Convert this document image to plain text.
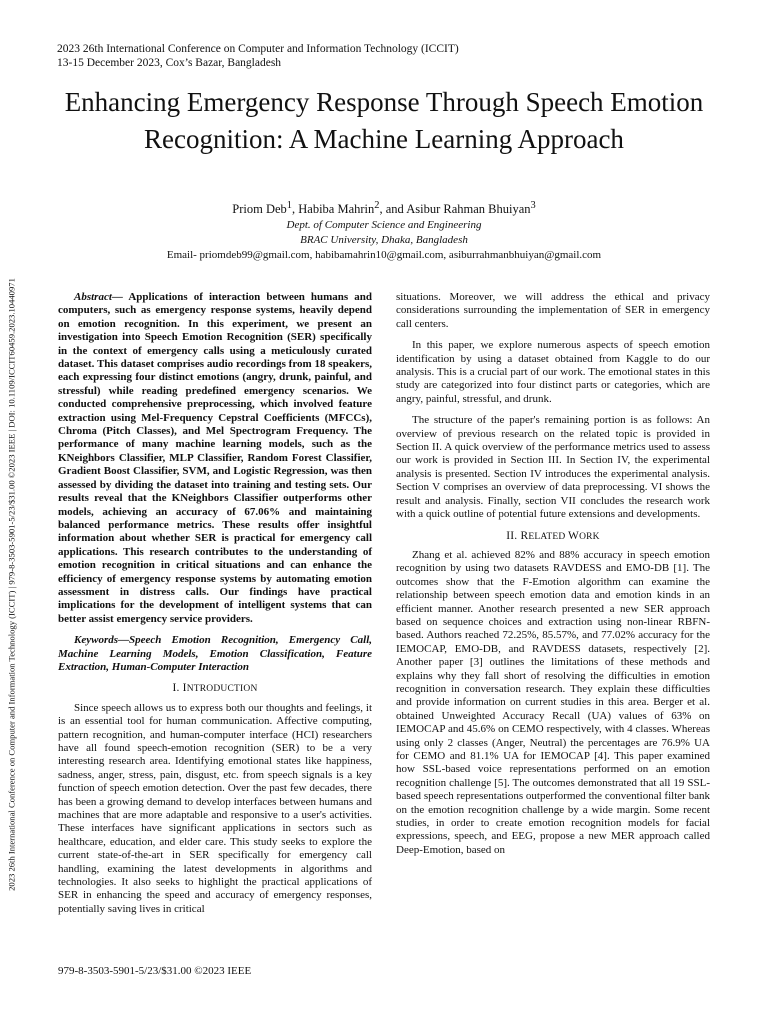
2023 26th International Conference on Computer and Information Technology (ICCIT)
13-15 December 2023, Cox’s Bazar, Bangladesh
Enhancing Emergency Response Through Speech Emotion Recognition: A Machine Learning Approach
Priom Deb$^1$, Habiba Mahrin$^2$, and Asibur Rahman Bhuiyan$^3$
Dept. of Computer Science and Engineering
BRAC University, Dhaka, Bangladesh
Email- priomdeb99@gmail.com, habibamahrin10@gmail.com, asiburrahmanbhuiyan@gmail.com
2023 26th International Conference on Computer and Information Technology (ICCIT) | 979-8-3503-5901-5/23/$31.00 ©2023 IEEE | DOI: 10.1109/ICCIT60459.2023.10440971	Abstract— Applications of interaction between humans and computers, such as emergency response systems, heavily depend on emotion recognition. In this experiment, we present an investigation into Speech Emotion Recognition (SER) specifically in the context of emergency calls using a meticulously curated dataset. This dataset comprises audio recordings from 18 speakers, each expressing four distinct emotions (angry, drunk, painful, and stressful) while reading predefined emergency scenarios. We conducted comprehensive preprocessing, which involved feature extraction using Mel-Frequency Cepstral Coefficients (MFCCs), Chroma (Pitch Classes), and Mel Spectrogram Frequency. The performance of many machine learning models, such as the KNeighbors Classifier, MLP Classifier, Random Forest Classifier, Gradient Boost Classifier, SVM, and Logistic Regression, was then assessed by dividing the dataset into training and testing sets. Our results reveal that the KNeighbors Classifier outperforms other models, achieving an accuracy of 67.06% and maintaining balanced performance metrics. These results offer insightful information about whether SER is practical for emergency call applications. This research contributes to the understanding of emotion recognition in critical situations and can enhance the efficiency of emergency response systems by automating emotion assessment in distress calls. Our findings have practical implications for the development of intelligent systems that can better assist emergency service providers.

Keywords—Speech Emotion Recognition, Emergency Call, Machine Learning Models, Emotion Classification, Feature Extraction, Human-Computer Interaction

I. INTRODUCTION

Since speech allows us to express both our thoughts and feelings, it is an essential tool for human communication. Affective computing, pattern recognition, and human-computer interface (HCI) researchers have all found speech-emotion recognition (SER) to be a very interesting research area. Identifying emotional states like happiness, sadness, anger, stress, pain, disgust, etc. from speech signals is a key function of speech emotion detection. Over the past few decades, there has been a growing demand to develop interfaces between humans and machines that are more adaptable and responsive to a user's activities. These interfaces have significant applications in sectors such as healthcare, education, and elder care. This study seeks to explore the current state-of-the-art in SER specifically for emergency call handling, examining the latest developments in algorithms and technologies. It also seeks to highlight the practical applications of SER in enhancing the speed and accuracy of emergency responses, potentially saving lives in critical

situations. Moreover, we will address the ethical and privacy considerations surrounding the implementation of SER in emergency call centers.

In this paper, we explore numerous aspects of speech emotion identification by using a dataset obtained from Kaggle to do our analysis. This is a crucial part of our work. The emotional states in this study are categorized into four distinct parts or categories, which are angry, painful, stressful, and drunk.

The structure of the paper's remaining portion is as follows: An overview of previous research on the related topic is provided in Section II. A quick overview of the performance metrics used to assess our work is provided in Section III. In Section IV, the experimental analysis is presented. Section IV introduces the experimental analysis. Section V comprises an overview of data preprocessing. VI shows the result and analysis. Finally, section VII concludes the research work with a quick outline of potential future extensions and developments.

II. RELATED WORK

Zhang et al. achieved 82% and 88% accuracy in speech emotion recognition by using two datasets RAVDESS and EMO-DB [1]. The outcomes show that the F-Emotion algorithm can examine the relationship between speech emotion data and emotion kinds in an efficient manner. Another research presented a new SER approach based on sequence choices and extraction using non-linear RBFN-based. Authors reached 72.25%, 85.57%, and 77.02% accuracy for the IEMOCAP, EMO-DB, and RAVDESS datasets, respectively [2]. Another paper [3] outlines the limitations of these methods and explains why they fall short of resolving the difficulties in emotion recognition in conversation research. They explain these difficulties and provide information on current studies in this area. Berger et al. obtained Unweighted Accuracy Recall (UA) values of 63% on IEMOCAP and 45.6% on CEMO respectively, with 4 classes. Whereas using only 2 classes (Anger, Neutral) the percentages are 76.9% UA for CEMO and 81.1% UA for IEMOCAP [4]. This paper examined how SSL-based voice representations performed on an emotion recognition challenge [5]. The outcomes demonstrated that all 19 SSL-based speech representations outperformed the conventional filter bank on the emotion recognition challenge by a wide margin. Some recent studies, in order to create emotion recognition models for facial expressions, speech, and EEG, propose a new MER approach called Deep-Emotion, based on

979-8-3503-5901-5/23/$31.00 ©2023 IEEE
